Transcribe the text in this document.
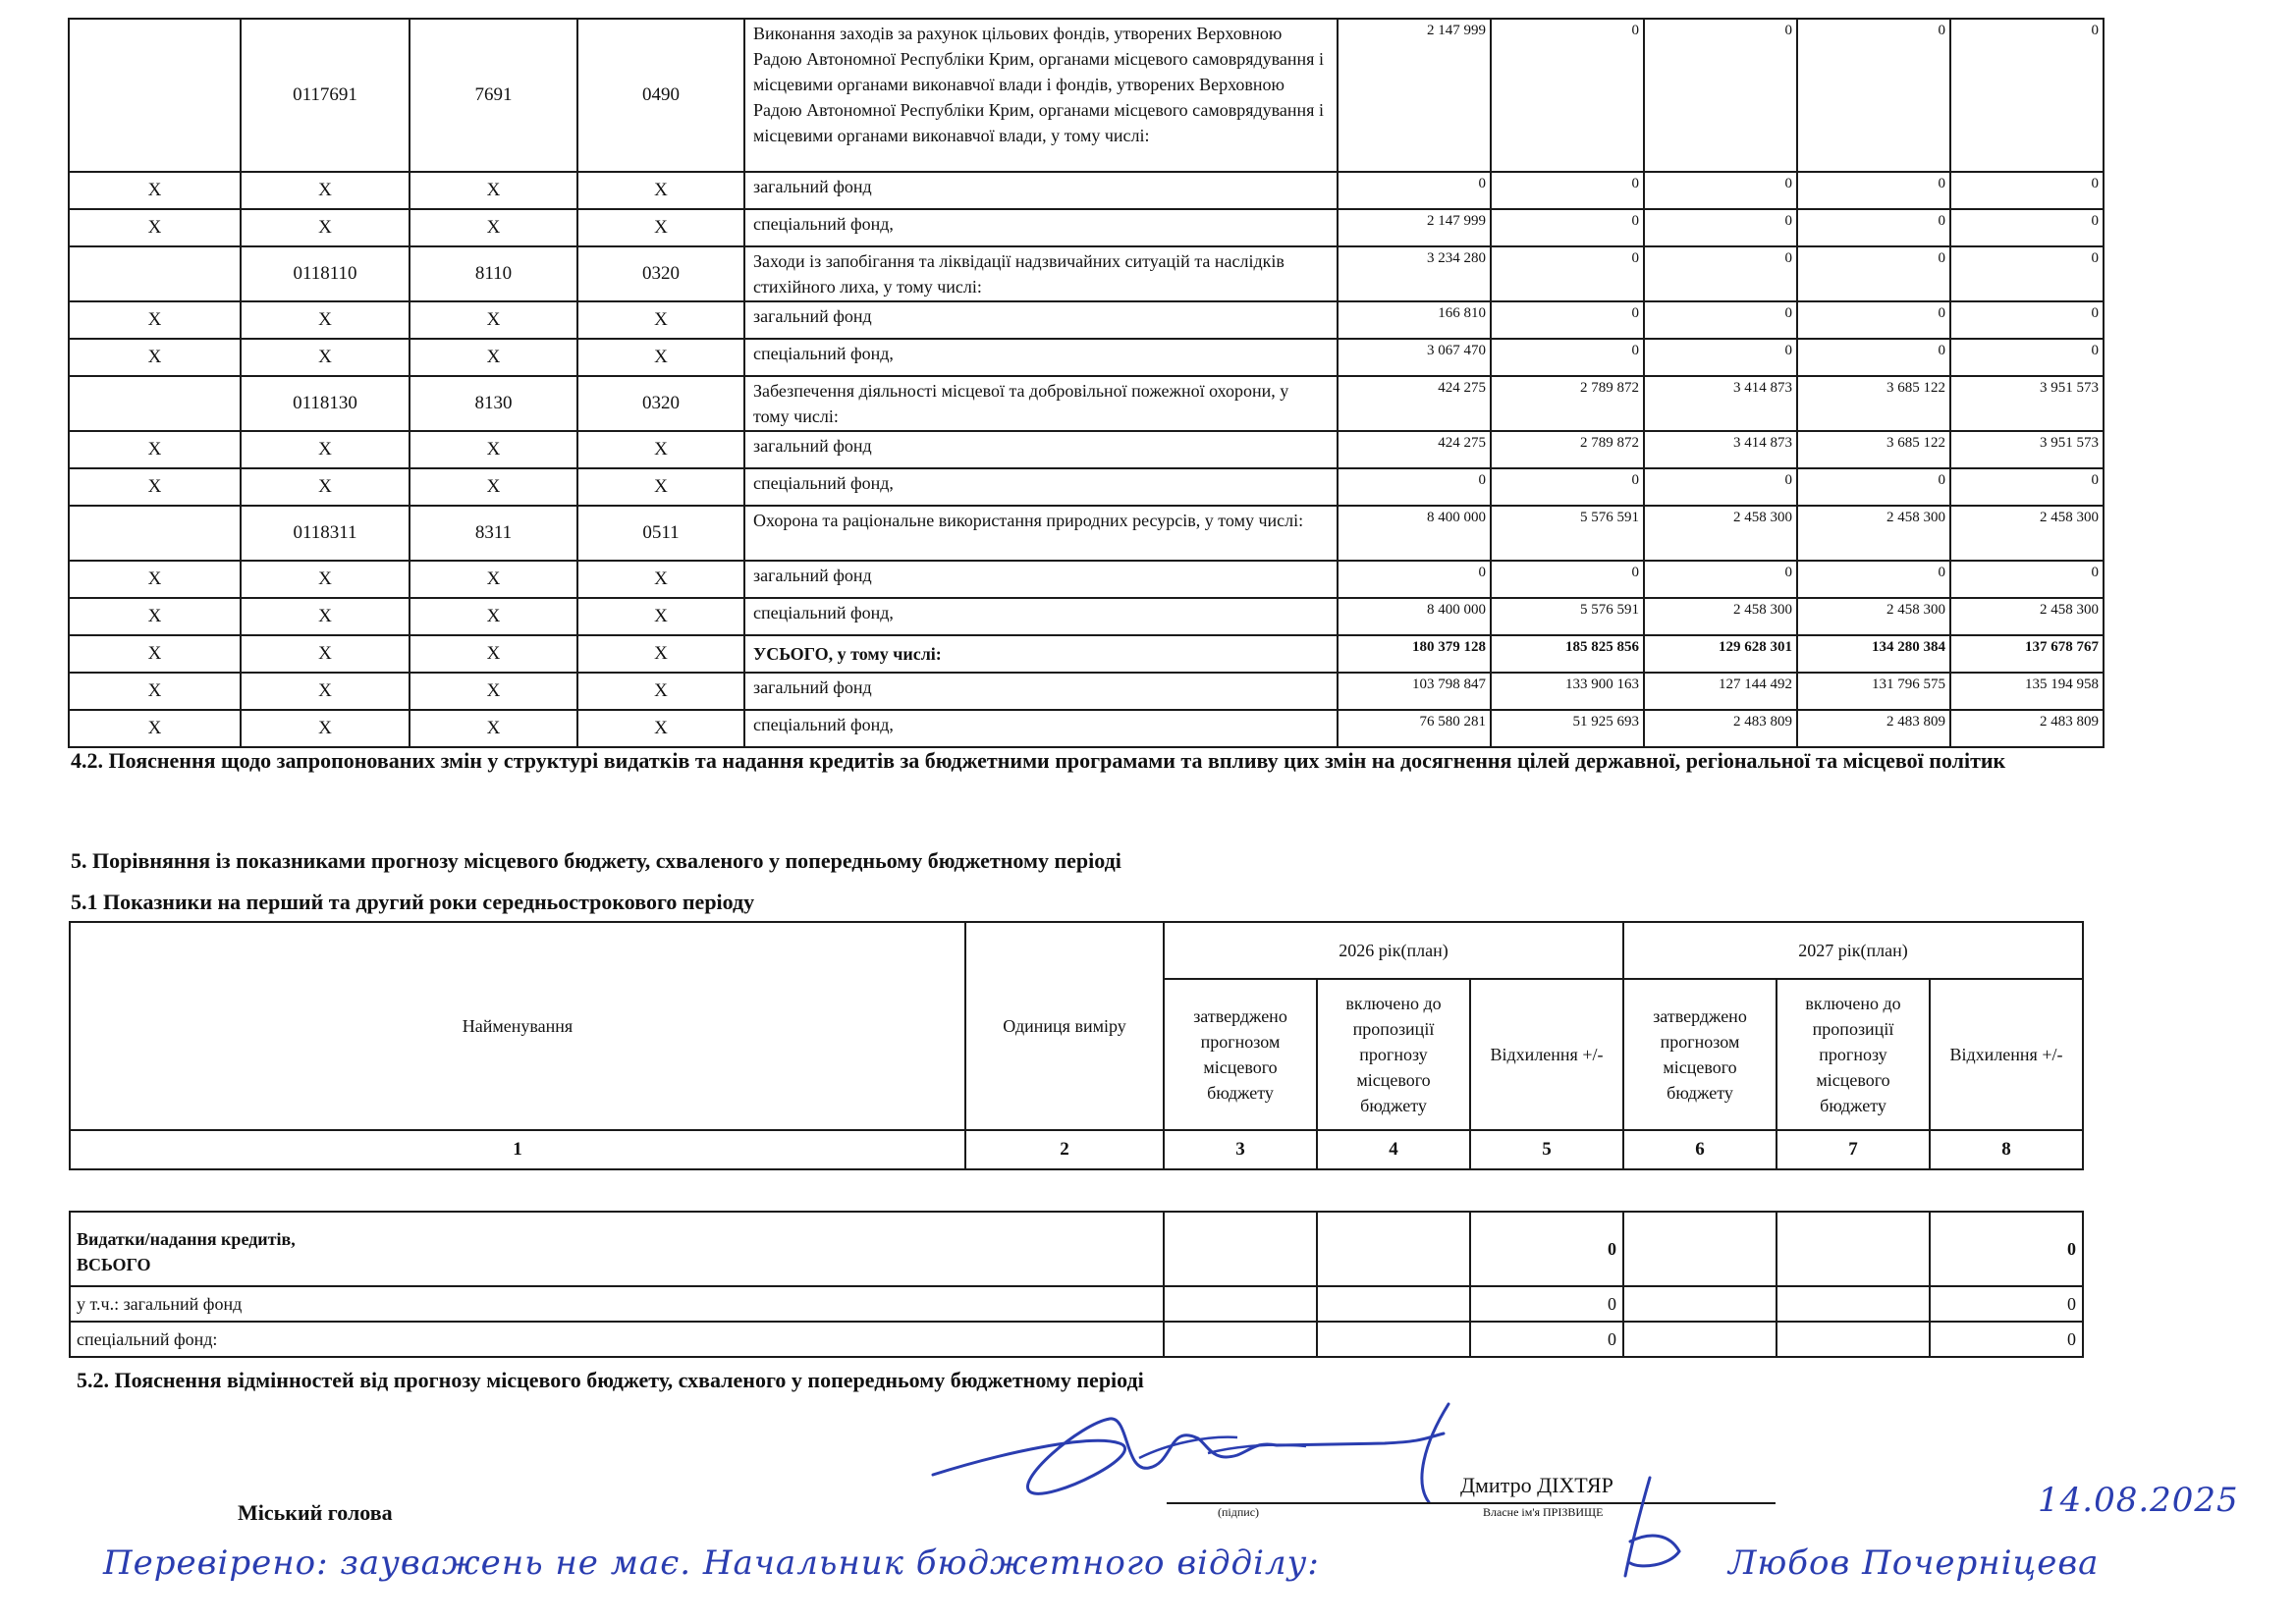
	0117691	7691	0490	Виконання заходів за рахунок цільових фондів, утворених Верховною Радою Автономної Республіки Крим, органами місцевого самоврядування і місцевими органами виконавчої влади і фондів, утворених Верховною Радою Автономної Республіки Крим, органами місцевого самоврядування і місцевими органами виконавчої влади, у тому числі:	2 147 999	0	0	0	0
Х	Х	Х	Х	загальний фонд	0	0	0	0	0
Х	Х	Х	Х	спеціальний фонд,	2 147 999	0	0	0	0
	0118110	8110	0320	Заходи із запобігання та ліквідації надзвичайних ситуацій та наслідків стихійного лиха, у тому числі:	3 234 280	0	0	0	0
Х	Х	Х	Х	загальний фонд	166 810	0	0	0	0
Х	Х	Х	Х	спеціальний фонд,	3 067 470	0	0	0	0
	0118130	8130	0320	Забезпечення діяльності місцевої та добровільної пожежної охорони, у тому числі:	424 275	2 789 872	3 414 873	3 685 122	3 951 573
Х	Х	Х	Х	загальний фонд	424 275	2 789 872	3 414 873	3 685 122	3 951 573
Х	Х	Х	Х	спеціальний фонд,	0	0	0	0	0
	0118311	8311	0511	Охорона та раціональне використання природних ресурсів, у тому числі:	8 400 000	5 576 591	2 458 300	2 458 300	2 458 300
Х	Х	Х	Х	загальний фонд	0	0	0	0	0
Х	Х	Х	Х	спеціальний фонд,	8 400 000	5 576 591	2 458 300	2 458 300	2 458 300
Х	Х	Х	Х	УСЬОГО, у тому числі:	180 379 128	185 825 856	129 628 301	134 280 384	137 678 767
Х	Х	Х	Х	загальний фонд	103 798 847	133 900 163	127 144 492	131 796 575	135 194 958
Х	Х	Х	Х	спеціальний фонд,	76 580 281	51 925 693	2 483 809	2 483 809	2 483 809
4.2. Пояснення щодо запропонованих змін у структурі видатків та надання кредитів за бюджетними програмами та впливу цих змін на досягнення цілей державної, регіональної та місцевої політик
5. Порівняння із показниками прогнозу місцевого бюджету, схваленого у попередньому бюджетному періоді
5.1 Показники на перший та другий роки середньострокового періоду
Найменування	Одиниця виміру	2026 рік(план)			2027 рік(план)		
		затверджено прогнозом місцевого бюджету	включено до пропозиції прогнозу місцевого бюджету	Відхилення +/-	затверджено прогнозом місцевого бюджету	включено до пропозиції прогнозу місцевого бюджету	Відхилення +/-
1	2	3	4	5	6	7	8
Видатки/надання кредитів,
ВСЬОГО			0			0
у т.ч.: загальний фонд			0			0
спеціальний фонд:			0			0
5.2. Пояснення відмінностей від прогнозу місцевого бюджету, схваленого у попередньому бюджетному періоді
Міський голова
Дмитро ДІХТЯР
(підпис)	Власне ім'я ПРІЗВИЩЕ	14.08.2025
Перевірено: зауважень не має. Начальник бюджетного відділу:	Любов Почерніцева
